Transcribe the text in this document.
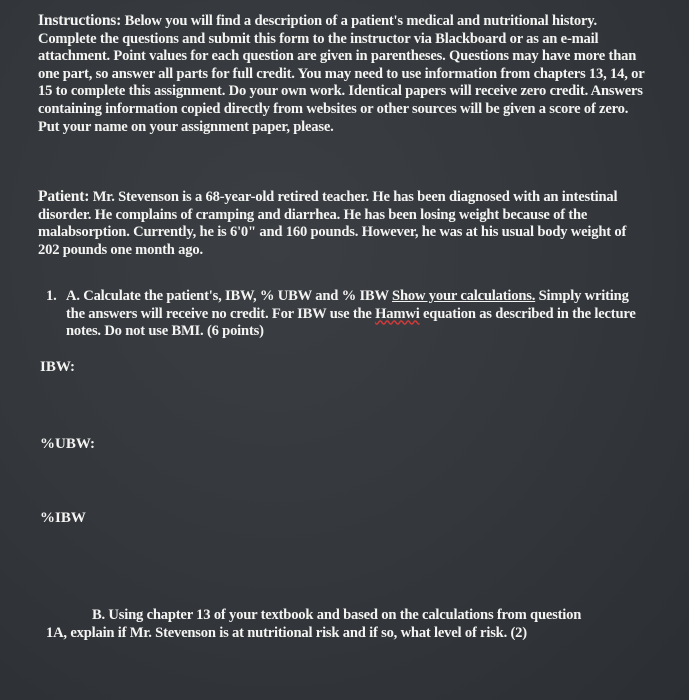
Instructions: Below you will find a description of a patient's medical and nutritional history. Complete the questions and submit this form to the instructor via Blackboard or as an e-mail attachment. Point values for each question are given in parentheses. Questions may have more than one part, so answer all parts for full credit. You may need to use information from chapters 13, 14, or 15 to complete this assignment. Do your own work. Identical papers will receive zero credit. Answers containing information copied directly from websites or other sources will be given a score of zero. Put your name on your assignment paper, please.

Patient: Mr. Stevenson is a 68-year-old retired teacher. He has been diagnosed with an intestinal disorder. He complains of cramping and diarrhea. He has been losing weight because of the malabsorption. Currently, he is 6'0" and 160 pounds. However, he was at his usual body weight of 202 pounds one month ago.

1. A. Calculate the patient's, IBW, % UBW and % IBW Show your calculations. Simply writing the answers will receive no credit. For IBW use the Hamwi equation as described in the lecture notes. Do not use BMI. (6 points)

IBW:
%UBW:
%IBW

B. Using chapter 13 of your textbook and based on the calculations from question

1A, explain if Mr. Stevenson is at nutritional risk and if so, what level of risk. (2)
